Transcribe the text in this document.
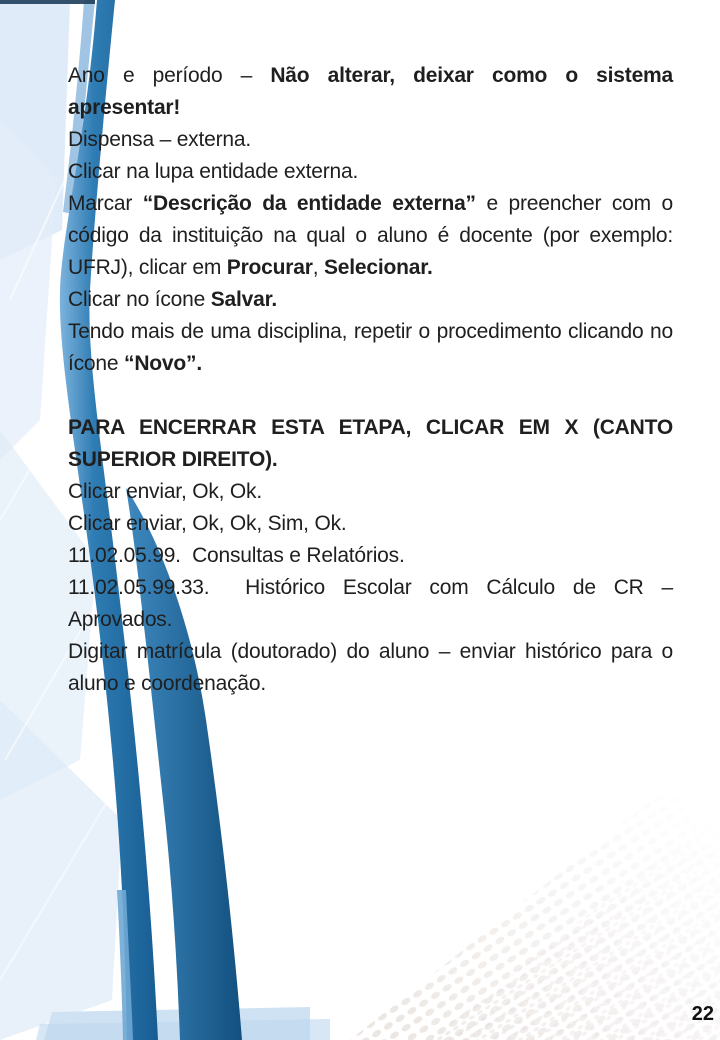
Ano e período – Não alterar, deixar como o sistema apresentar!

Dispensa – externa.

Clicar na lupa entidade externa.

Marcar “Descrição da entidade externa” e preencher com o código da instituição na qual o aluno é docente (por exemplo: UFRJ), clicar em Procurar, Selecionar.

Clicar no ícone Salvar.

Tendo mais de uma disciplina, repetir o procedimento clicando no ícone “Novo”.

PARA ENCERRAR ESTA ETAPA, CLICAR EM X (CANTO SUPERIOR DIREITO).

Clicar enviar, Ok, Ok.

Clicar enviar, Ok, Ok, Sim, Ok.

11.02.05.99.  Consultas e Relatórios.

11.02.05.99.33.  Histórico Escolar com Cálculo de CR – Aprovados.

Digitar matrícula (doutorado) do aluno – enviar histórico para o aluno e coordenação.

22
